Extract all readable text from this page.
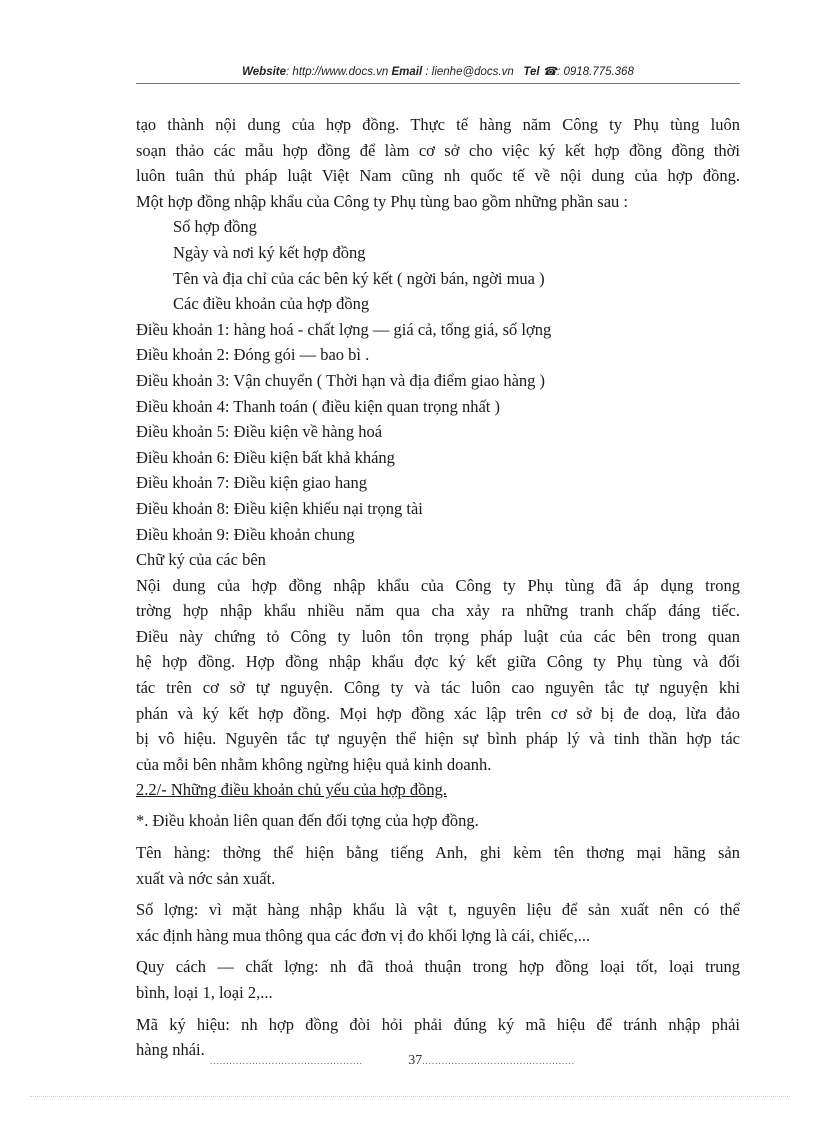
Website: http://www.docs.vn Email : lienhe@docs.vn Tel ☎: 0918.775.368

tạo thành nội dung của hợp đồng. Thực tế hàng năm Công ty Phụ tùng luôn

soạn thảo các mẫu hợp đồng để làm cơ sở cho việc ký kết hợp đồng đồng thời

luôn tuân thủ pháp luật Việt Nam cũng nh quốc tế về nội dung của hợp đồng.

Một hợp đồng nhập khẩu của Công ty Phụ tùng bao gồm những phần sau :

Số hợp đồng

Ngày và nơi ký kết hợp đồng

Tên và địa chỉ của các bên ký kết ( ngời bán, ngời mua )

Các điều khoản của hợp đồng

Điều khoản 1: hàng hoá - chất lợng — giá cả, tổng giá, số lợng

Điều khoản 2: Đóng gói — bao bì .

Điều khoản 3: Vận chuyển ( Thời hạn và địa điểm giao hàng )

Điều khoản 4: Thanh toán ( điều kiện quan trọng nhất )

Điều khoản 5: Điều kiện về hàng hoá

Điều khoản 6: Điều kiện bất khả kháng

Điều khoản 7: Điều kiện giao hang

Điều khoản 8: Điều kiện khiếu nại trọng tài

Điều khoản 9: Điều khoản chung

Chữ ký của các bên

Nội dung của hợp đồng nhập khẩu của Công ty Phụ tùng đã áp dụng trong

trờng hợp nhập khẩu nhiều năm qua cha xảy ra những tranh chấp đáng tiếc.

Điều này chứng tỏ Công ty luôn tôn trọng pháp luật của các bên trong quan

hệ hợp đồng. Hợp đồng nhập khẩu đợc ký kết giữa Công ty Phụ tùng và đối

tác trên cơ sở tự nguyện. Công ty và tác luôn cao nguyên tắc tự nguyện khi

phán và ký kết hợp đồng. Mọi hợp đồng xác lập trên cơ sở bị đe doạ, lừa đảo

bị vô hiệu. Nguyên tắc tự nguyện thể hiện sự bình pháp lý và tinh thần hợp tác

của mỗi bên nhằm không ngừng hiệu quả kinh doanh.

2.2/- Những điều khoản chủ yếu của hợp đồng.

*. Điều khoản liên quan đến đối tợng của hợp đồng.

Tên hàng: thờng thể hiện bằng tiếng Anh, ghi kèm tên thơng mại hãng sản

xuất và nớc sản xuất.

Số lợng: vì mặt hàng nhập khẩu là vật t, nguyên liệu để sản xuất nên có thể

xác định hàng mua thông qua các đơn vị đo khối lợng là cái, chiếc,...

Quy cách — chất lợng: nh đã thoả thuận trong hợp đồng loại tốt, loại trung

bình, loại 1, loại 2,...

Mã ký hiệu: nh hợp đồng đòi hỏi phải đúng ký mã hiệu để tránh nhập phải

hàng nhái.

...............................................	37...............................................
